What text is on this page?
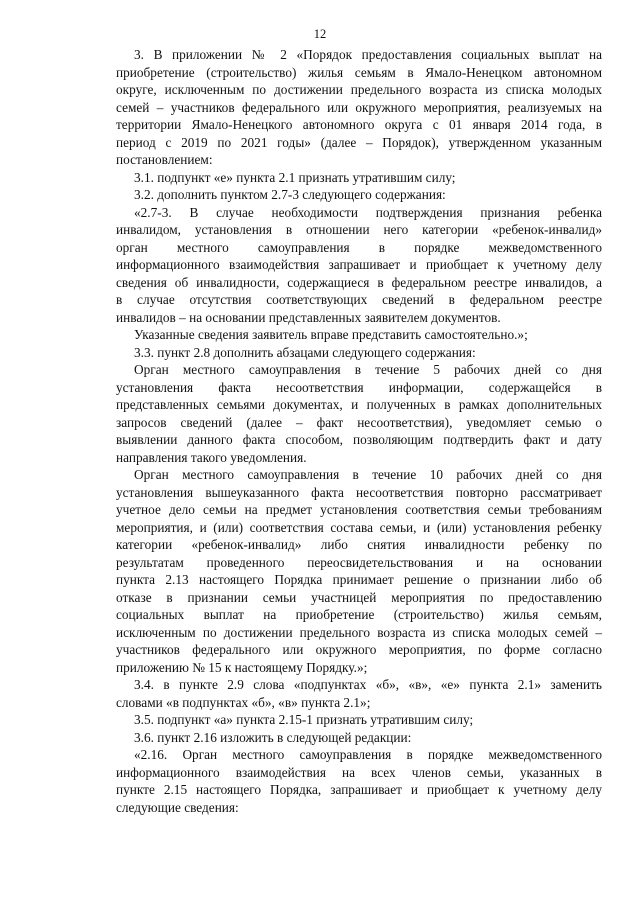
12
3. В приложении № 2 «Порядок предоставления социальных выплат на
приобретение (строительство) жилья семьям в Ямало-Ненецком автономном
округе, исключенным по достижении предельного возраста из списка молодых
семей – участников федерального или окружного мероприятия, реализуемых на
территории Ямало-Ненецкого автономного округа с 01 января 2014 года, в
период с 2019 по 2021 годы» (далее – Порядок), утвержденном указанным
постановлением:
3.1. подпункт «е» пункта 2.1 признать утратившим силу;
3.2. дополнить пунктом 2.7-3 следующего содержания:
«2.7-3. В случае необходимости подтверждения признания ребенка
инвалидом, установления в отношении него категории «ребенок-инвалид»
орган местного самоуправления в порядке межведомственного
информационного взаимодействия запрашивает и приобщает к учетному делу
сведения об инвалидности, содержащиеся в федеральном реестре инвалидов, а
в случае отсутствия соответствующих сведений в федеральном реестре
инвалидов – на основании представленных заявителем документов.
Указанные сведения заявитель вправе представить самостоятельно.»;
3.3. пункт 2.8 дополнить абзацами следующего содержания:
Орган местного самоуправления в течение 5 рабочих дней со дня
установления факта несоответствия информации, содержащейся в
представленных семьями документах, и полученных в рамках дополнительных
запросов сведений (далее – факт несоответствия), уведомляет семью о
выявлении данного факта способом, позволяющим подтвердить факт и дату
направления такого уведомления.
Орган местного самоуправления в течение 10 рабочих дней со дня
установления вышеуказанного факта несоответствия повторно рассматривает
учетное дело семьи на предмет установления соответствия семьи требованиям
мероприятия, и (или) соответствия состава семьи, и (или) установления ребенку
категории «ребенок-инвалид» либо снятия инвалидности ребенку по
результатам проведенного переосвидетельствования и на основании
пункта 2.13 настоящего Порядка принимает решение о признании либо об
отказе в признании семьи участницей мероприятия по предоставлению
социальных выплат на приобретение (строительство) жилья семьям,
исключенным по достижении предельного возраста из списка молодых семей –
участников федерального или окружного мероприятия, по форме согласно
приложению № 15 к настоящему Порядку.»;
3.4. в пункте 2.9 слова «подпунктах «б», «в», «е» пункта 2.1» заменить
словами «в подпунктах «б», «в» пункта 2.1»;
3.5. подпункт «а» пункта 2.15-1 признать утратившим силу;
3.6. пункт 2.16 изложить в следующей редакции:
«2.16. Орган местного самоуправления в порядке межведомственного
информационного взаимодействия на всех членов семьи, указанных в
пункте 2.15 настоящего Порядка, запрашивает и приобщает к учетному делу
следующие сведения:
